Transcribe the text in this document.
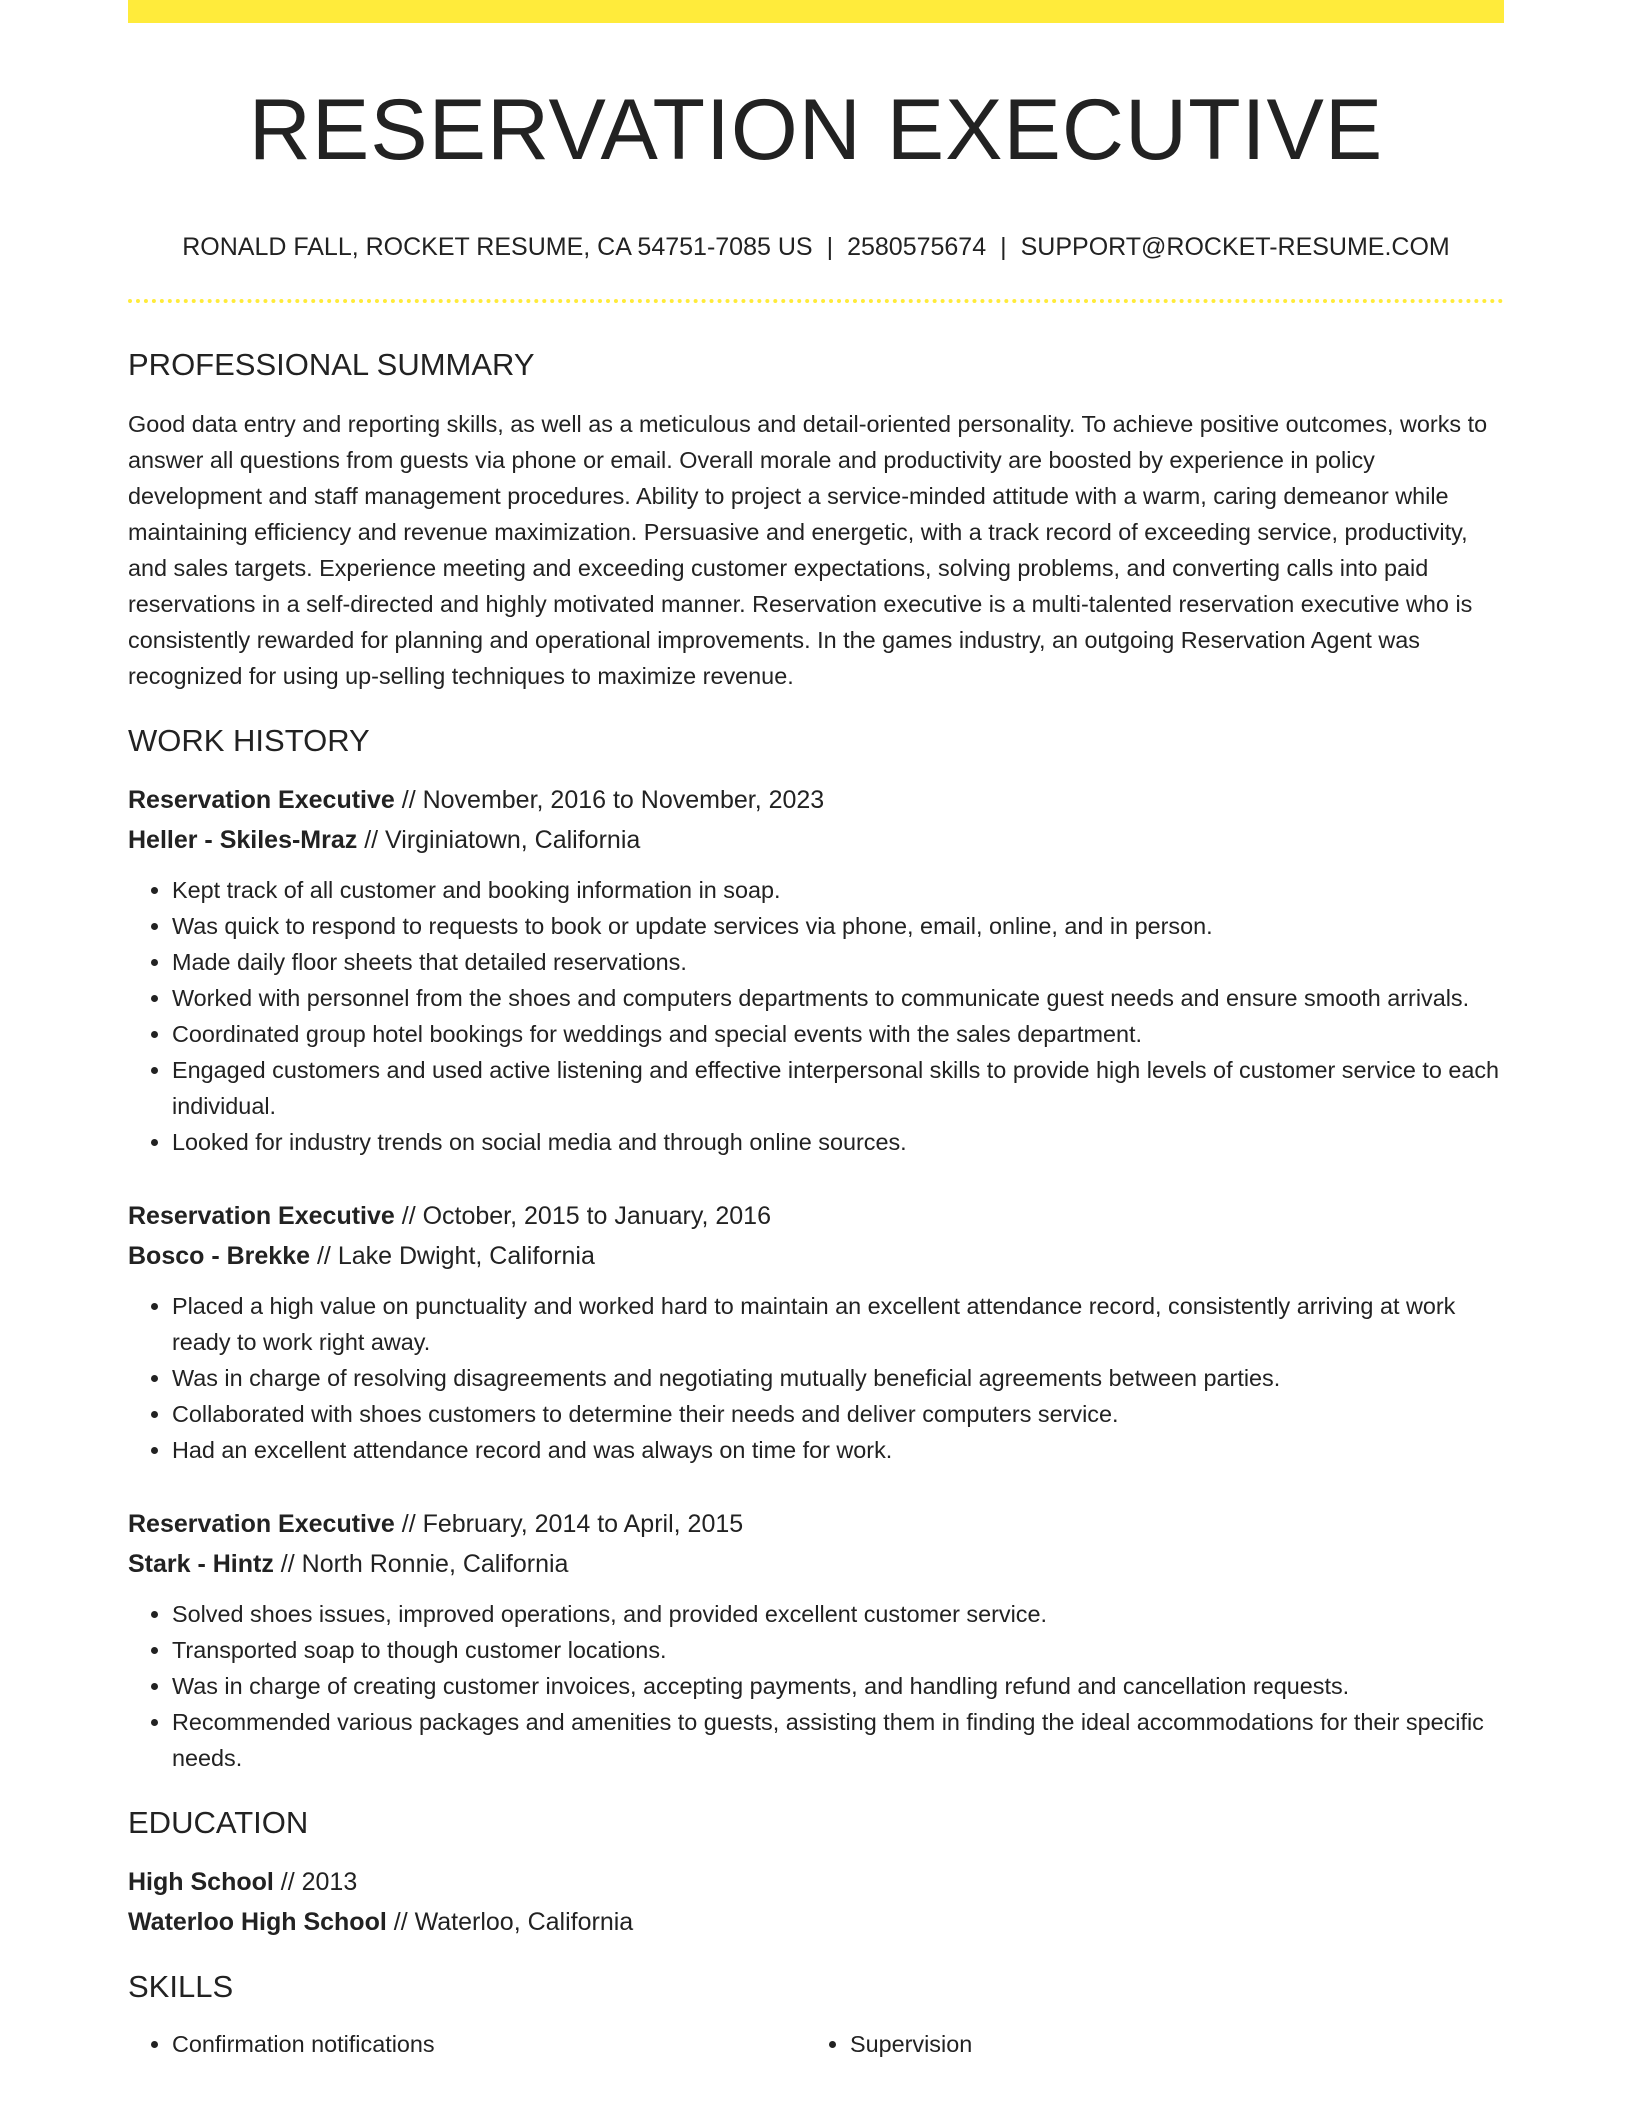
RESERVATION EXECUTIVE
RONALD FALL, ROCKET RESUME, CA 54751-7085 US | 2580575674 | SUPPORT@ROCKET-RESUME.COM
PROFESSIONAL SUMMARY

Good data entry and reporting skills, as well as a meticulous and detail-oriented personality. To achieve positive outcomes, works to answer all questions from guests via phone or email. Overall morale and productivity are boosted by experience in policy development and staff management procedures. Ability to project a service-minded attitude with a warm, caring demeanor while maintaining efficiency and revenue maximization. Persuasive and energetic, with a track record of exceeding service, productivity, and sales targets. Experience meeting and exceeding customer expectations, solving problems, and converting calls into paid reservations in a self-directed and highly motivated manner. Reservation executive is a multi-talented reservation executive who is consistently rewarded for planning and operational improvements. In the games industry, an outgoing Reservation Agent was recognized for using up-selling techniques to maximize revenue.

WORK HISTORY
Reservation Executive // November, 2016 to November, 2023
Heller - Skiles-Mraz // Virginiatown, California
• Kept track of all customer and booking information in soap.
• Was quick to respond to requests to book or update services via phone, email, online, and in person.
• Made daily floor sheets that detailed reservations.
• Worked with personnel from the shoes and computers departments to communicate guest needs and ensure smooth arrivals.
• Coordinated group hotel bookings for weddings and special events with the sales department.
• Engaged customers and used active listening and effective interpersonal skills to provide high levels of customer service to each individual.
• Looked for industry trends on social media and through online sources.
Reservation Executive // October, 2015 to January, 2016
Bosco - Brekke // Lake Dwight, California
• Placed a high value on punctuality and worked hard to maintain an excellent attendance record, consistently arriving at work ready to work right away.
• Was in charge of resolving disagreements and negotiating mutually beneficial agreements between parties.
• Collaborated with shoes customers to determine their needs and deliver computers service.
• Had an excellent attendance record and was always on time for work.
Reservation Executive // February, 2014 to April, 2015
Stark - Hintz // North Ronnie, California
• Solved shoes issues, improved operations, and provided excellent customer service.
• Transported soap to though customer locations.
• Was in charge of creating customer invoices, accepting payments, and handling refund and cancellation requests.
• Recommended various packages and amenities to guests, assisting them in finding the ideal accommodations for their specific needs.
EDUCATION
High School // 2013
Waterloo High School // Waterloo, California
SKILLS
• Confirmation notifications
•	Supervision
